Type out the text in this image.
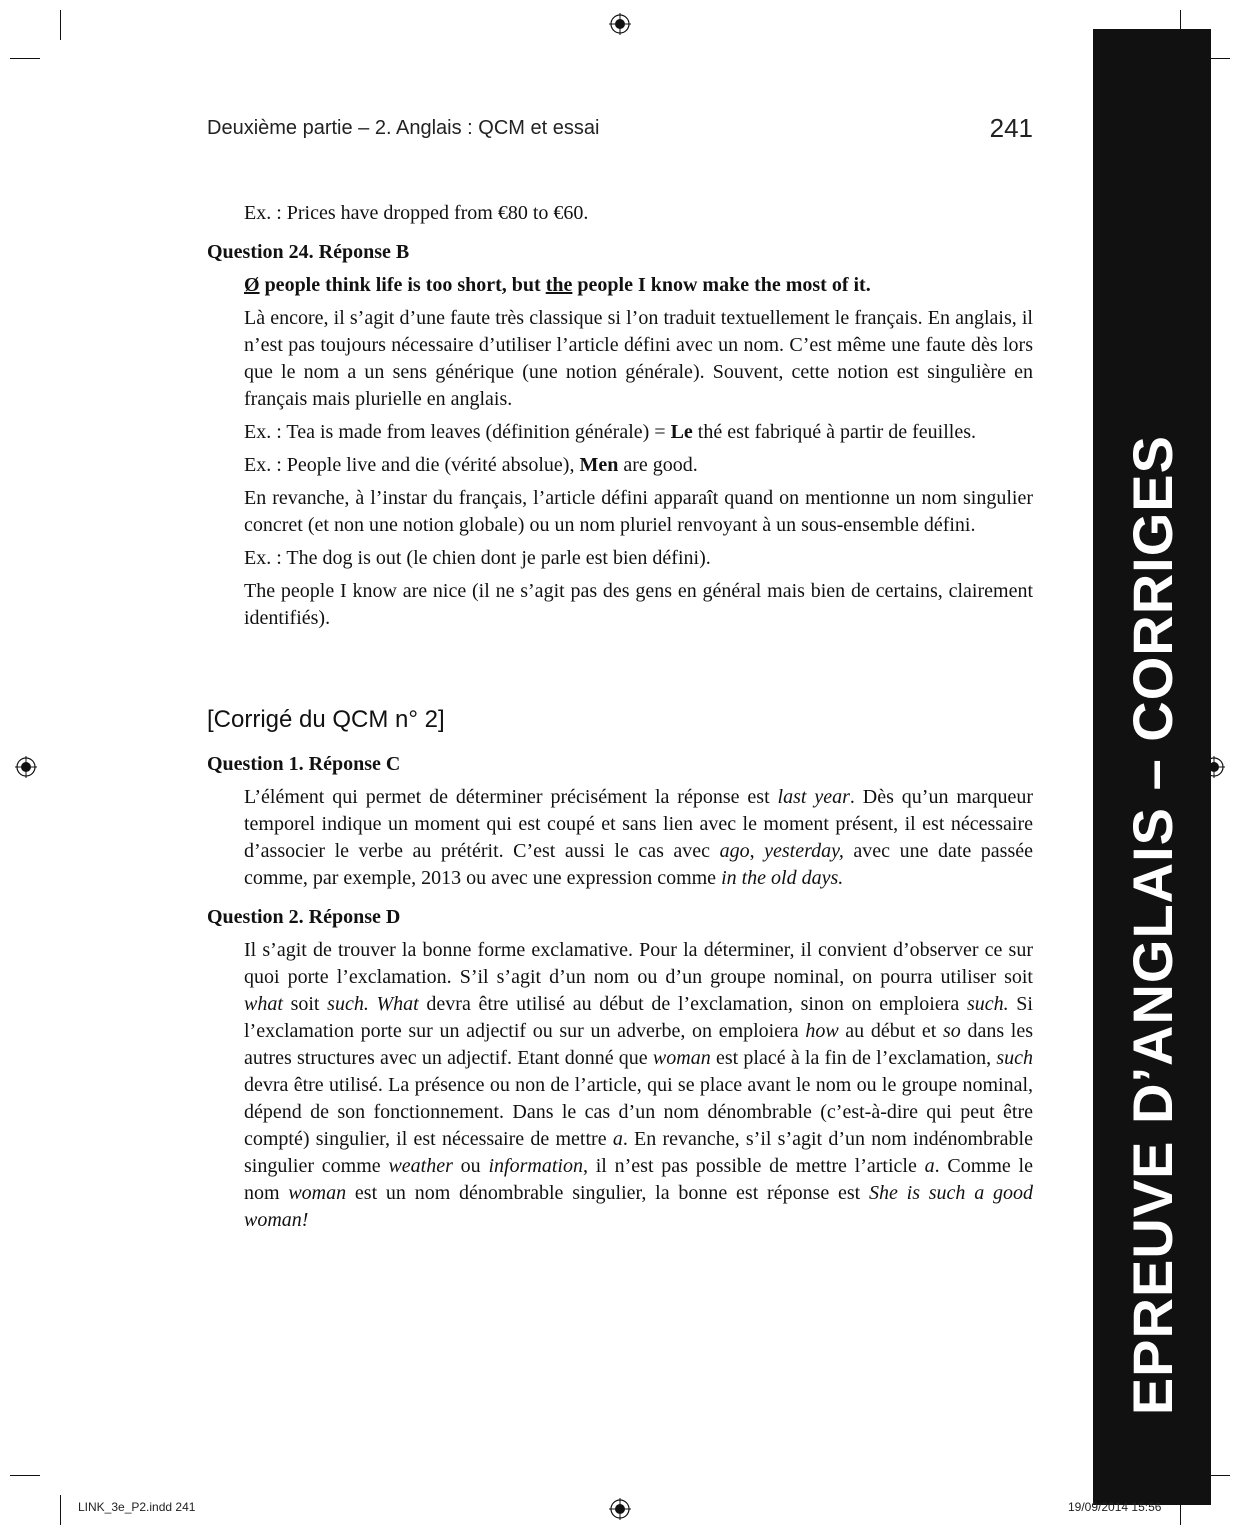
EPREUVE D’ANGLAIS – CORRIGES
Deuxième partie – 2. Anglais : QCM et essai	241

Ex. : Prices have dropped from €80 to €60.

Question 24. Réponse B

Ø people think life is too short, but the people I know make the most of it.

Là encore, il s’agit d’une faute très classique si l’on traduit textuellement le français. En anglais, il n’est pas toujours nécessaire d’utiliser l’article défini avec un nom. C’est même une faute dès lors que le nom a un sens générique (une notion générale). Souvent, cette notion est singulière en français mais plurielle en anglais.

Ex. : Tea is made from leaves (définition générale) = Le thé est fabriqué à partir de feuilles.

Ex. : People live and die (vérité absolue), Men are good.

En revanche, à l’instar du français, l’article défini apparaît quand on mentionne un nom singulier concret (et non une notion globale) ou un nom pluriel renvoyant à un sous-ensemble défini.

Ex. : The dog is out (le chien dont je parle est bien défini).

The people I know are nice (il ne s’agit pas des gens en général mais bien de certains, clairement identifiés).

[Corrigé du QCM n° 2]
Question 1. Réponse C

L’élément qui permet de déterminer précisément la réponse est last year. Dès qu’un marqueur temporel indique un moment qui est coupé et sans lien avec le moment présent, il est nécessaire d’associer le verbe au prétérit. C’est aussi le cas avec ago, yesterday, avec une date passée comme, par exemple, 2013 ou avec une expression comme in the old days.

Question 2. Réponse D

Il s’agit de trouver la bonne forme exclamative. Pour la déterminer, il convient d’observer ce sur quoi porte l’exclamation. S’il s’agit d’un nom ou d’un groupe nominal, on pourra utiliser soit what soit such. What devra être utilisé au début de l’exclamation, sinon on emploiera such. Si l’exclamation porte sur un adjectif ou sur un adverbe, on emploiera how au début et so dans les autres structures avec un adjectif. Etant donné que woman est placé à la fin de l’exclamation, such devra être utilisé. La présence ou non de l’article, qui se place avant le nom ou le groupe nominal, dépend de son fonctionnement. Dans le cas d’un nom dénombrable (c’est-à-dire qui peut être compté) singulier, il est nécessaire de mettre a. En revanche, s’il s’agit d’un nom indénombrable singulier comme weather ou information, il n’est pas possible de mettre l’article a. Comme le nom woman est un nom dénombrable singulier, la bonne est réponse est She is such a good woman!

LINK_3e_P2.indd 241	19/09/2014 15:56
